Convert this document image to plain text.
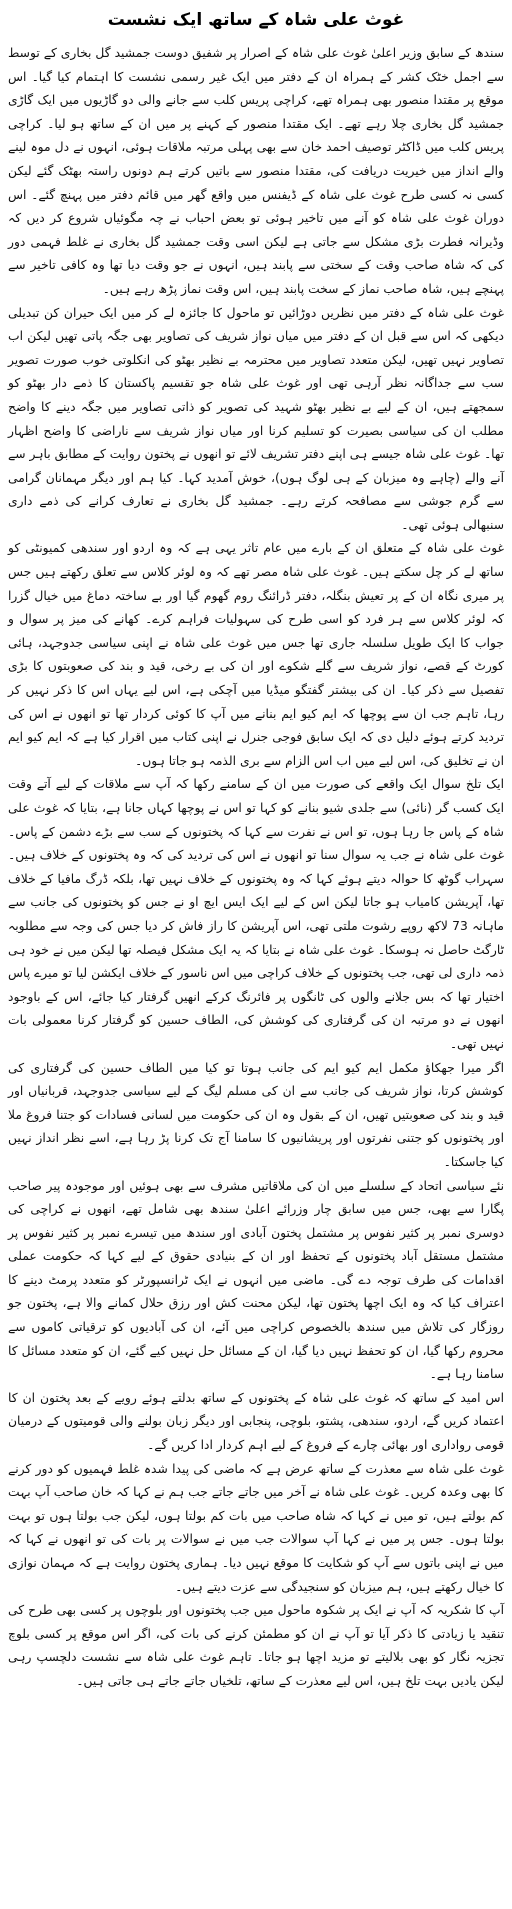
غوث علی شاہ کے ساتھ ایک نشست

سندھ کے سابق وزیر اعلیٰ غوث علی شاہ کے اصرار پر شفیق دوست جمشید گل بخاری کے توسط سے اجمل خٹک کشر کے ہمراہ ان کے دفتر میں ایک غیر رسمی نشست کا اہتمام کیا گیا۔ اس موقع پر مقتدا منصور بھی ہمراہ تھے، کراچی پریس کلب سے جانے والی دو گاڑیوں میں ایک گاڑی جمشید گل بخاری چلا رہے تھے۔ ایک مقتدا منصور کے کہنے پر میں ان کے ساتھ ہو لیا۔ کراچی پریس کلب میں ڈاکٹر توصیف احمد خان سے بھی پہلی مرتبہ ملاقات ہوئی، انہوں نے دل موہ لینے والے انداز میں خیریت دریافت کی، مقتدا منصور سے باتیں کرتے ہم دونوں راستہ بھٹک گئے لیکن کسی نہ کسی طرح غوث علی شاہ کے ڈیفنس میں واقع گھر میں قائم دفتر میں پہنچ گئے۔ اس دوران غوث علی شاہ کو آنے میں تاخیر ہوئی تو بعض احباب نے چہ مگوئیاں شروع کر دیں کہ وڈیرانہ فطرت بڑی مشکل سے جاتی ہے لیکن اسی وقت جمشید گل بخاری نے غلط فہمی دور کی کہ شاہ صاحب وقت کے سختی سے پابند ہیں، انہوں نے جو وقت دیا تھا وہ کافی تاخیر سے پہنچے ہیں، شاہ صاحب نماز کے سخت پابند ہیں، اس وقت نماز پڑھ رہے ہیں۔

غوث علی شاہ کے دفتر میں نظریں دوڑائیں تو ماحول کا جائزہ لے کر میں ایک حیران کن تبدیلی دیکھی کہ اس سے قبل ان کے دفتر میں میاں نواز شریف کی تصاویر بھی جگہ پاتی تھیں لیکن اب تصاویر نہیں تھیں، لیکن متعدد تصاویر میں محترمہ بے نظیر بھٹو کی انکلوتی خوب صورت تصویر سب سے جداگانہ نظر آرہی تھی اور غوث علی شاہ جو تقسیم پاکستان کا ذمے دار بھٹو کو سمجھتے ہیں، ان کے لیے بے نظیر بھٹو شہید کی تصویر کو ذاتی تصاویر میں جگہ دینے کا واضح مطلب ان کی سیاسی بصیرت کو تسلیم کرنا اور میاں نواز شریف سے ناراضی کا واضح اظہار تھا۔ غوث علی شاہ جیسے ہی اپنے دفتر تشریف لائے تو انھوں نے پختون روایت کے مطابق باہر سے آنے والے (چاہے وہ میزبان کے ہی لوگ ہوں)، خوش آمدید کہا۔ کیا ہم اور دیگر مہمانان گرامی سے گرم جوشی سے مصافحہ کرتے رہے۔ جمشید گل بخاری نے تعارف کرانے کی ذمے داری سنبھالی ہوئی تھی۔

غوث علی شاہ کے متعلق ان کے بارے میں عام تاثر یہی ہے کہ وہ اردو اور سندھی کمیونٹی کو ساتھ لے کر چل سکتے ہیں۔ غوث علی شاہ مصر تھے کہ وہ لوئر کلاس سے تعلق رکھتے ہیں جس پر میری نگاہ ان کے پر تعیش بنگلہ، دفتر ڈرائنگ روم گھوم گیا اور بے ساختہ دماغ میں خیال گزرا کہ لوئر کلاس سے ہر فرد کو اسی طرح کی سہولیات فراہم کرے۔ کھانے کی میز پر سوال و جواب کا ایک طویل سلسلہ جاری تھا جس میں غوث علی شاہ نے اپنی سیاسی جدوجہد، ہائی کورٹ کے قصے، نواز شریف سے گلے شکوے اور ان کی بے رخی، قید و بند کی صعوبتوں کا بڑی تفصیل سے ذکر کیا۔ ان کی بیشتر گفتگو میڈیا میں آچکی ہے، اس لیے یہاں اس کا ذکر نہیں کر رہا، تاہم جب ان سے پوچھا کہ ایم کیو ایم بنانے میں آپ کا کوئی کردار تھا تو انھوں نے اس کی تردید کرتے ہوئے دلیل دی کہ ایک سابق فوجی جنرل نے اپنی کتاب میں اقرار کیا ہے کہ ایم کیو ایم ان نے تخلیق کی، اس لیے میں اب اس الزام سے بری الذمہ ہو جاتا ہوں۔

ایک تلخ سوال ایک واقعے کی صورت میں ان کے سامنے رکھا کہ آپ سے ملاقات کے لیے آتے وقت ایک کسب گر (نائی) سے جلدی شیو بنانے کو کہا تو اس نے پوچھا کہاں جانا ہے، بتایا کہ غوث علی شاہ کے پاس جا رہا ہوں، تو اس نے نفرت سے کہا کہ پختونوں کے سب سے بڑے دشمن کے پاس۔ غوث علی شاہ نے جب یہ سوال سنا تو انھوں نے اس کی تردید کی کہ وہ پختونوں کے خلاف ہیں۔ سہراب گوٹھ کا حوالہ دیتے ہوئے کہا کہ وہ پختونوں کے خلاف نہیں تھا، بلکہ ڈرگ مافیا کے خلاف تھا، آپریشن کامیاب ہو جاتا لیکن اس کے لیے ایک ایس ایچ او نے جس کو پختونوں کی جانب سے ماہانہ 73 لاکھ روپے رشوت ملتی تھی، اس آپریشن کا راز فاش کر دیا جس کی وجہ سے مطلوبہ ٹارگٹ حاصل نہ ہوسکا۔ غوث علی شاہ نے بتایا کہ یہ ایک مشکل فیصلہ تھا لیکن میں نے خود ہی ذمہ داری لی تھی، جب پختونوں کے خلاف کراچی میں اس ناسور کے خلاف ایکشن لیا تو میرے پاس اختیار تھا کہ بس جلانے والوں کی ٹانگوں پر فائرنگ کرکے انھیں گرفتار کیا جائے، اس کے باوجود انھوں نے دو مرتبہ ان کی گرفتاری کی کوشش کی، الطاف حسین کو گرفتار کرنا معمولی بات نہیں تھی۔

اگر میرا جھکاؤ مکمل ایم کیو ایم کی جانب ہوتا تو کیا میں الطاف حسین کی گرفتاری کی کوشش کرتا، نواز شریف کی جانب سے ان کی مسلم لیگ کے لیے سیاسی جدوجہد، قربانیاں اور قید و بند کی صعوبتیں تھیں، ان کے بقول وہ ان کی حکومت میں لسانی فسادات کو جتنا فروغ ملا اور پختونوں کو جتنی نفرتوں اور پریشانیوں کا سامنا آج تک کرنا پڑ رہا ہے، اسے نظر انداز نہیں کیا جاسکتا۔

نئے سیاسی اتحاد کے سلسلے میں ان کی ملاقاتیں مشرف سے بھی ہوئیں اور موجودہ پیر صاحب پگارا سے بھی، جس میں سابق چار وزرائے اعلیٰ سندھ بھی شامل تھے، انھوں نے کراچی کی دوسری نمبر پر کثیر نفوس پر مشتمل پختون آبادی اور سندھ میں تیسرے نمبر پر کثیر نفوس پر مشتمل مستقل آباد پختونوں کے تحفظ اور ان کے بنیادی حقوق کے لیے کہا کہ حکومت عملی اقدامات کی طرف توجہ دے گی۔ ماضی میں انہوں نے ایک ٹرانسپورٹر کو متعدد پرمٹ دینے کا اعتراف کیا کہ وہ ایک اچھا پختون تھا، لیکن محنت کش اور رزق حلال کمانے والا ہے، پختون جو روزگار کی تلاش میں سندھ بالخصوص کراچی میں آئے، ان کی آبادیوں کو ترقیاتی کاموں سے محروم رکھا گیا، ان کو تحفظ نہیں دیا گیا، ان کے مسائل حل نہیں کیے گئے، ان کو متعدد مسائل کا سامنا رہا ہے۔

اس امید کے ساتھ کہ غوث علی شاہ کے پختونوں کے ساتھ بدلتے ہوئے رویے کے بعد پختون ان کا اعتماد کریں گے، اردو، سندھی، پشتو، بلوچی، پنجابی اور دیگر زبان بولنے والی قومیتوں کے درمیان قومی رواداری اور بھائی چارے کے فروغ کے لیے اہم کردار ادا کریں گے۔

غوث علی شاہ سے معذرت کے ساتھ عرض ہے کہ ماضی کی پیدا شدہ غلط فہمیوں کو دور کرنے کا بھی وعدہ کریں۔ غوث علی شاہ نے آخر میں جاتے جاتے جب ہم نے کہا کہ خان صاحب آپ بہت کم بولتے ہیں، تو میں نے کہا کہ شاہ صاحب میں بات کم بولتا ہوں، لیکن جب بولتا ہوں تو بہت بولتا ہوں۔ جس پر میں نے کہا آپ سوالات جب میں نے سوالات پر بات کی تو انھوں نے کہا کہ میں نے اپنی باتوں سے آپ کو شکایت کا موقع نہیں دیا۔ ہماری پختون روایت ہے کہ مہمان نوازی کا خیال رکھتے ہیں، ہم میزبان کو سنجیدگی سے عزت دیتے ہیں۔

آپ کا شکریہ کہ آپ نے ایک پر شکوہ ماحول میں جب پختونوں اور بلوچوں پر کسی بھی طرح کی تنقید یا زیادتی کا ذکر آیا تو آپ نے ان کو مطمئن کرنے کی بات کی، اگر اس موقع پر کسی بلوچ تجزیہ نگار کو بھی بلالیتے تو مزید اچھا ہو جاتا۔ تاہم غوث علی شاہ سے نشست دلچسپ رہی لیکن یادیں بہت تلخ ہیں، اس لیے معذرت کے ساتھ، تلخیاں جاتے جاتے ہی جاتی ہیں۔
